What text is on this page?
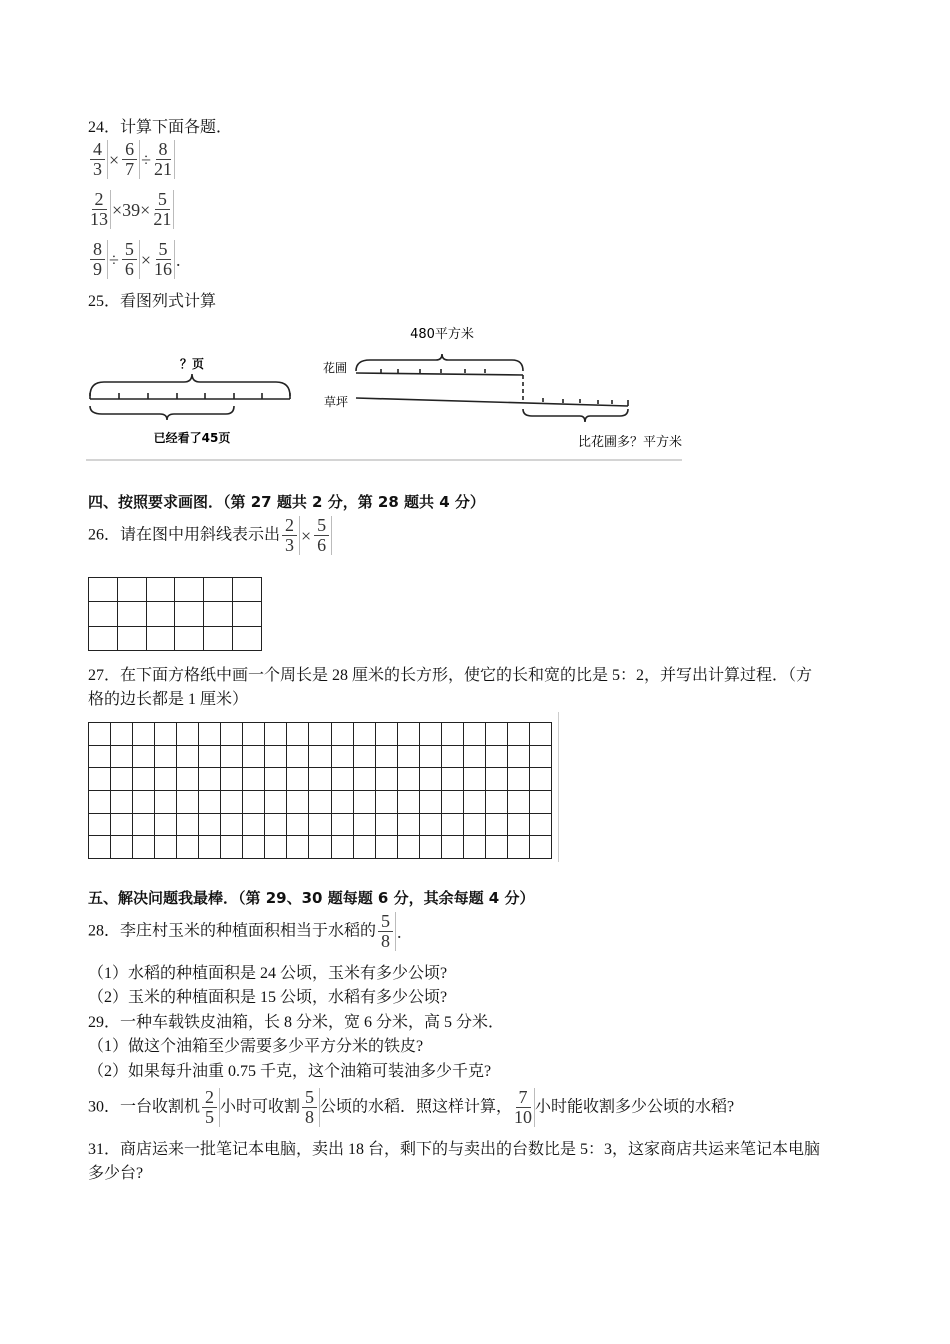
24．计算下面各题．
$\frac{4}{3} \times \frac{6}{7} \div \frac{8}{21}$
$\frac{2}{13} \times 39\times \frac{5}{21}$
$\frac{8}{9} \div \frac{5}{6} \times \frac{5}{16}$ .
25．看图列式计算
？页
已经看了45页
480平方米
花圃
草坪
比花圃多？平方米
四、按照要求画图．（第 27 题共 2 分，第 28 题共 4 分）
26．请在图中用斜线表示出 $\frac{2}{3} \times \frac{5}{6}$

27．在下面方格纸中画一个周长是 28 厘米的长方形，使它的长和宽的比是 5：2，并写出计算过程．（方
格的边长都是 1 厘米）

五、解决问题我最棒．（第 29、30 题每题 6 分，其余每题 4 分）
28．李庄村玉米的种植面积相当于水稻的 $\frac{5}{8}$ .
（1）水稻的种植面积是 24 公顷，玉米有多少公顷?
（2）玉米的种植面积是 15 公顷，水稻有多少公顷?
29．一种车载铁皮油箱，长 8 分米，宽 6 分米，高 5 分米．
（1）做这个油箱至少需要多少平方分米的铁皮?
（2）如果每升油重 0.75 千克，这个油箱可装油多少千克?
30．一台收割机 $\frac{2}{5}$ 小时可收割 $\frac{5}{8}$ 公顷的水稻．照这样计算， $\frac{7}{10}$ 小时能收割多少公顷的水稻?
31．商店运来一批笔记本电脑，卖出 18 台，剩下的与卖出的台数比是 5：3，这家商店共运来笔记本电脑
多少台?
